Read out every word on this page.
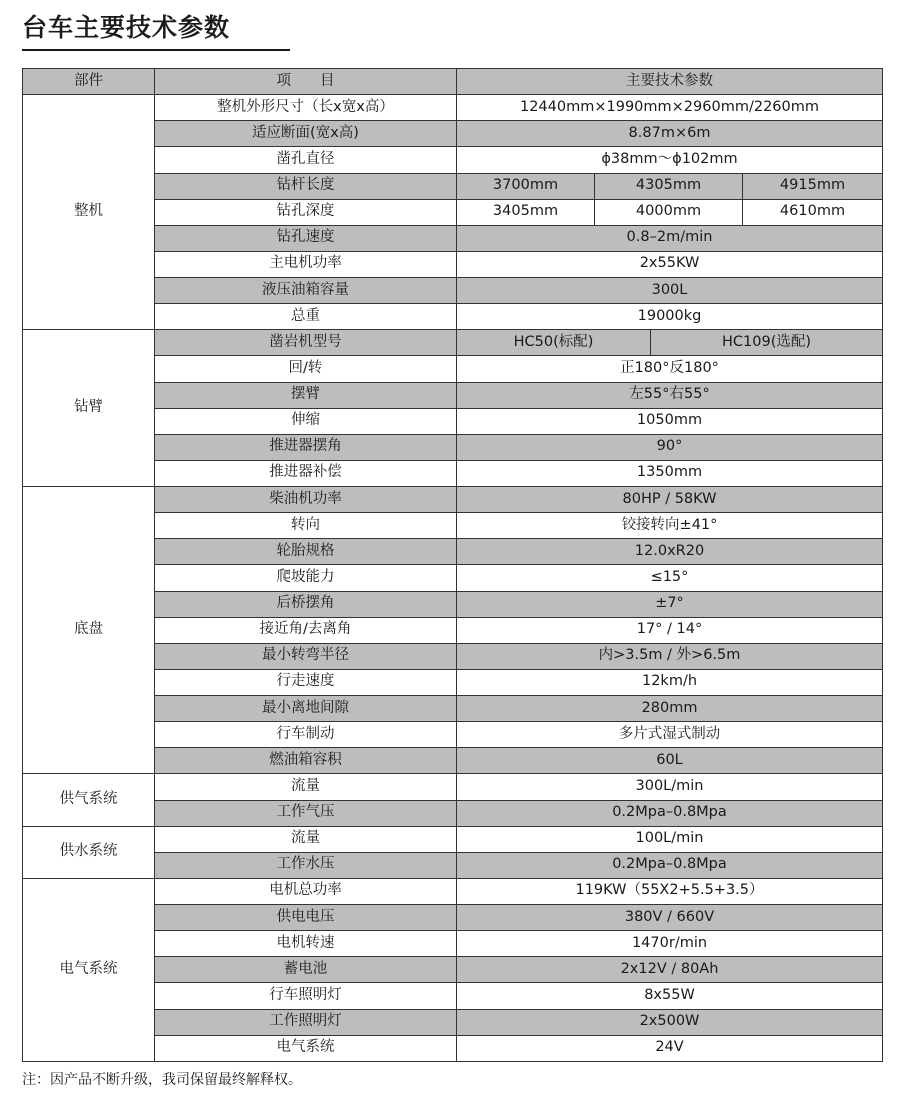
台车主要技术参数
部件	项　　目	主要技术参数
整机	整机外形尺寸（长x宽x高）	12440mm×1990mm×2960mm/2260mm
	适应断面(宽x高)	8.87m×6m
	凿孔直径	ϕ38mm～ϕ102mm
	钻杆长度	3700mm 4305mm 4915mm

	钻孔深度	3405mm 4000mm 4610mm

	钻孔速度	0.8–2m/min
	主电机功率	2x55KW
	液压油箱容量	300L
	总重	19000kg
钻臂	凿岩机型号	HC50(标配) HC109(选配)

	回/转	正180°反180°
	摆臂	左55°右55°
	伸缩	1050mm
	推进器摆角	90°
	推进器补偿	1350mm
底盘	柴油机功率	80HP / 58KW
	转向	铰接转向±41°
	轮胎规格	12.0xR20
	爬坡能力	≤15°
	后桥摆角	±7°
	接近角/去离角	17° / 14°
	最小转弯半径	内>3.5m / 外>6.5m
	行走速度	12km/h
	最小离地间隙	280mm
	行车制动	多片式湿式制动
	燃油箱容积	60L
供气系统	流量	300L/min
	工作气压	0.2Mpa–0.8Mpa
供水系统	流量	100L/min
	工作水压	0.2Mpa–0.8Mpa
电气系统	电机总功率	119KW（55X2+5.5+3.5）
	供电电压	380V / 660V
	电机转速	1470r/min
	蓄电池	2x12V / 80Ah
	行车照明灯	8x55W
	工作照明灯	2x500W
	电气系统	24V
注：因产品不断升级，我司保留最终解释权。
